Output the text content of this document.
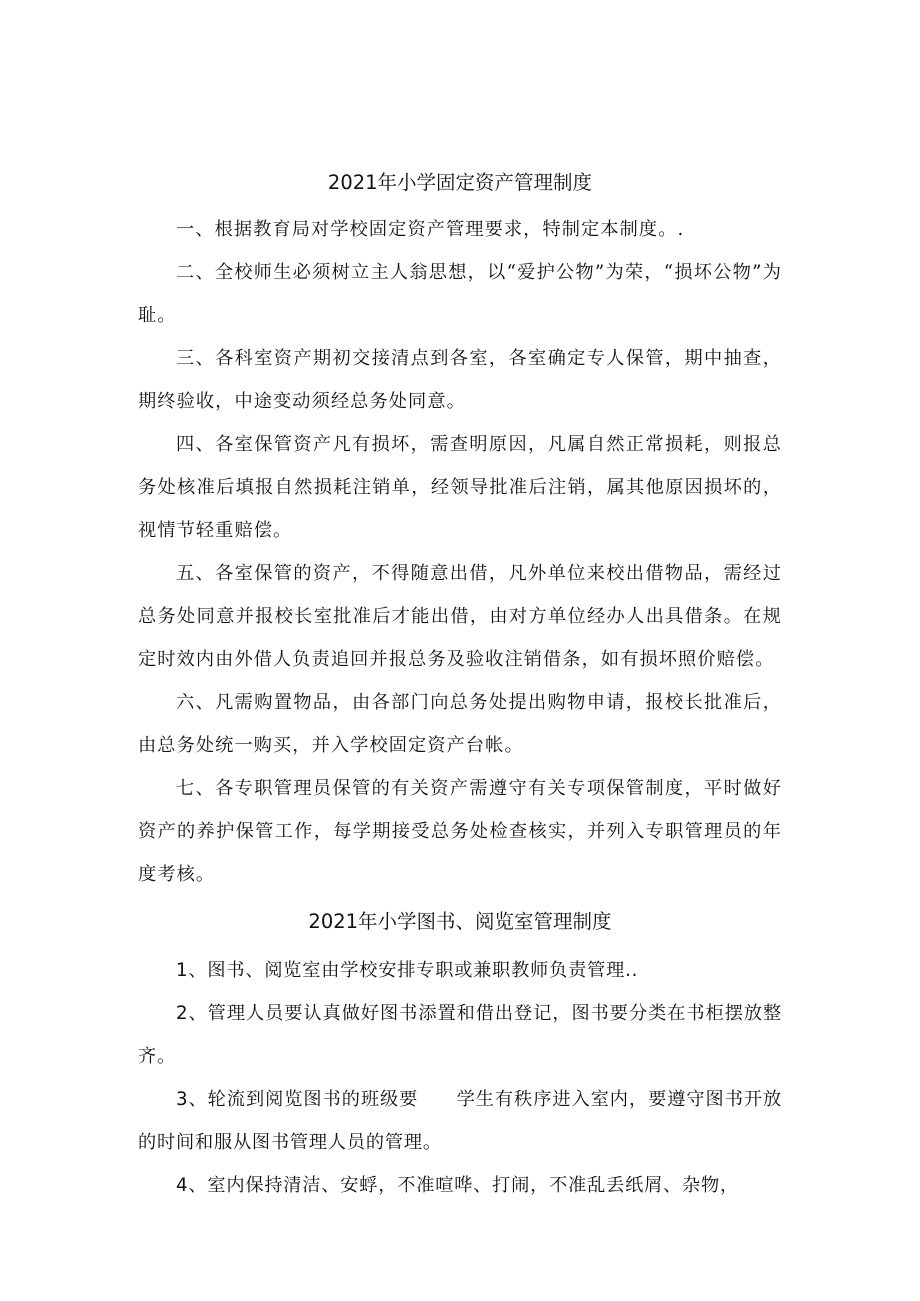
2021年小学固定资产管理制度

一、根据教育局对学校固定资产管理要求，特制定本制度。.

二、全校师生必须树立主人翁思想，以“爱护公物”为荣，“损坏公物”为耻。

三、各科室资产期初交接清点到各室，各室确定专人保管，期中抽查，期终验收，中途变动须经总务处同意。

四、各室保管资产凡有损坏，需查明原因，凡属自然正常损耗，则报总务处核准后填报自然损耗注销单，经领导批准后注销，属其他原因损坏的，视情节轻重赔偿。

五、各室保管的资产，不得随意出借，凡外单位来校出借物品，需经过总务处同意并报校长室批准后才能出借，由对方单位经办人出具借条。在规定时效内由外借人负责追回并报总务及验收注销借条，如有损坏照价赔偿。

六、凡需购置物品，由各部门向总务处提出购物申请，报校长批准后，由总务处统一购买，并入学校固定资产台帐。

七、各专职管理员保管的有关资产需遵守有关专项保管制度，平时做好资产的养护保管工作，每学期接受总务处检查核实，并列入专职管理员的年度考核。

2021年小学图书、阅览室管理制度

1、图书、阅览室由学校安排专职或兼职教师负责管理..

2、管理人员要认真做好图书添置和借出登记，图书要分类在书柜摆放整齐。

3、轮流到阅览图书的班级要　　学生有秩序进入室内，要遵守图书开放的时间和服从图书管理人员的管理。

4、室内保持清洁、安蜉，不准喧哗、打闹，不准乱丢纸屑、杂物，
